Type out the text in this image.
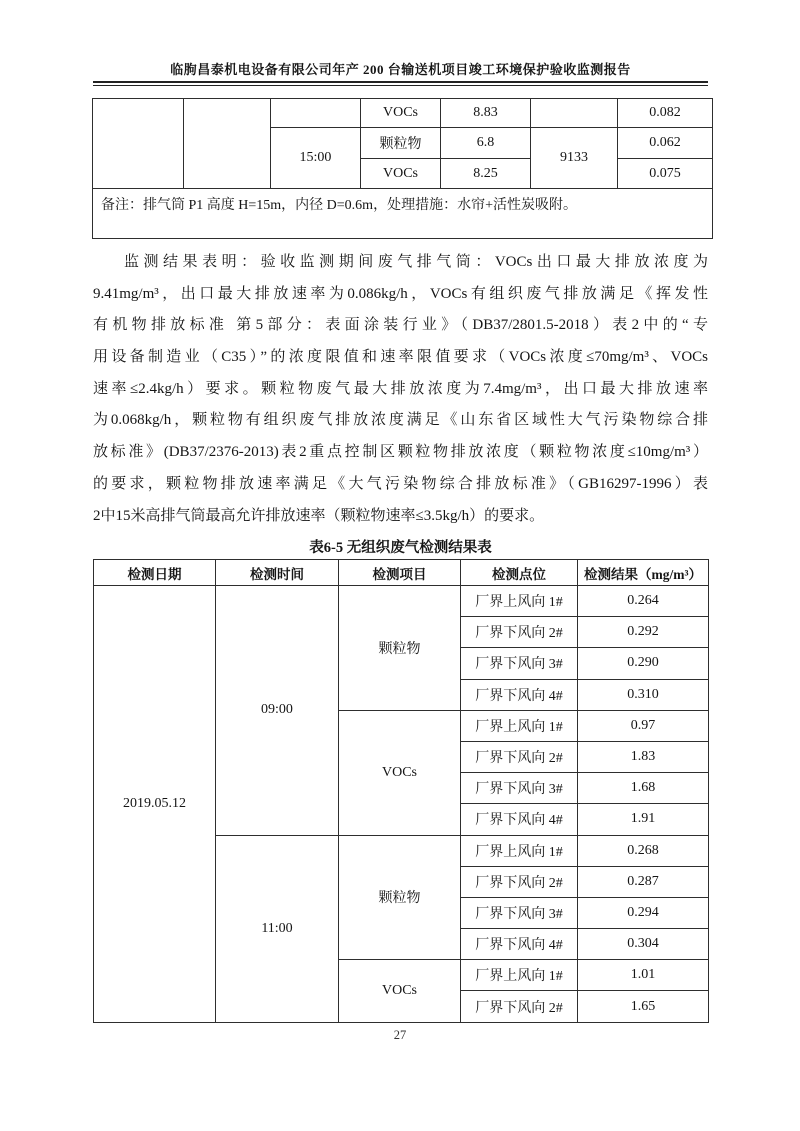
临朐昌泰机电设备有限公司年产 200 台输送机项目竣工环境保护验收监测报告
			VOCs	8.83		0.082
		15:00	颗粒物	6.8	9133	0.062
			VOCs	8.25		0.075
备注：排气筒 P1 高度 H=15m，内径 D=0.6m，处理措施：水帘+活性炭吸附。						
监测结果表明：验收监测期间废气排气筒：VOCs出口最大排放浓度为
9.41mg/m³，出口最大排放速率为0.086kg/h，VOCs有组织废气排放满足《挥发性
有机物排放标准 第5部分：表面涂装行业》（DB37/2801.5-2018）表2中的“专
用设备制造业（C35）”的浓度限值和速率限值要求（VOCs浓度≤70mg/m³、VOCs
速率≤2.4kg/h）要求。颗粒物废气最大排放浓度为7.4mg/m³，出口最大排放速率
为0.068kg/h，颗粒物有组织废气排放浓度满足《山东省区域性大气污染物综合排
放标准》(DB37/2376-2013)表2重点控制区颗粒物排放浓度（颗粒物浓度≤10mg/m³）
的要求，颗粒物排放速率满足《大气污染物综合排放标准》（GB16297-1996）表
2中15米高排气筒最高允许排放速率（颗粒物速率≤3.5kg/h）的要求。
表6-5 无组织废气检测结果表
检测日期	检测时间	检测项目	检测点位	检测结果（mg/m³）
2019.05.12	09:00	颗粒物	厂界上风向 1#	0.264
			厂界下风向 2#	0.292
			厂界下风向 3#	0.290
			厂界下风向 4#	0.310
		VOCs	厂界上风向 1#	0.97
			厂界下风向 2#	1.83
			厂界下风向 3#	1.68
			厂界下风向 4#	1.91
	11:00	颗粒物	厂界上风向 1#	0.268
			厂界下风向 2#	0.287
			厂界下风向 3#	0.294
			厂界下风向 4#	0.304
		VOCs	厂界上风向 1#	1.01
			厂界下风向 2#	1.65
27
